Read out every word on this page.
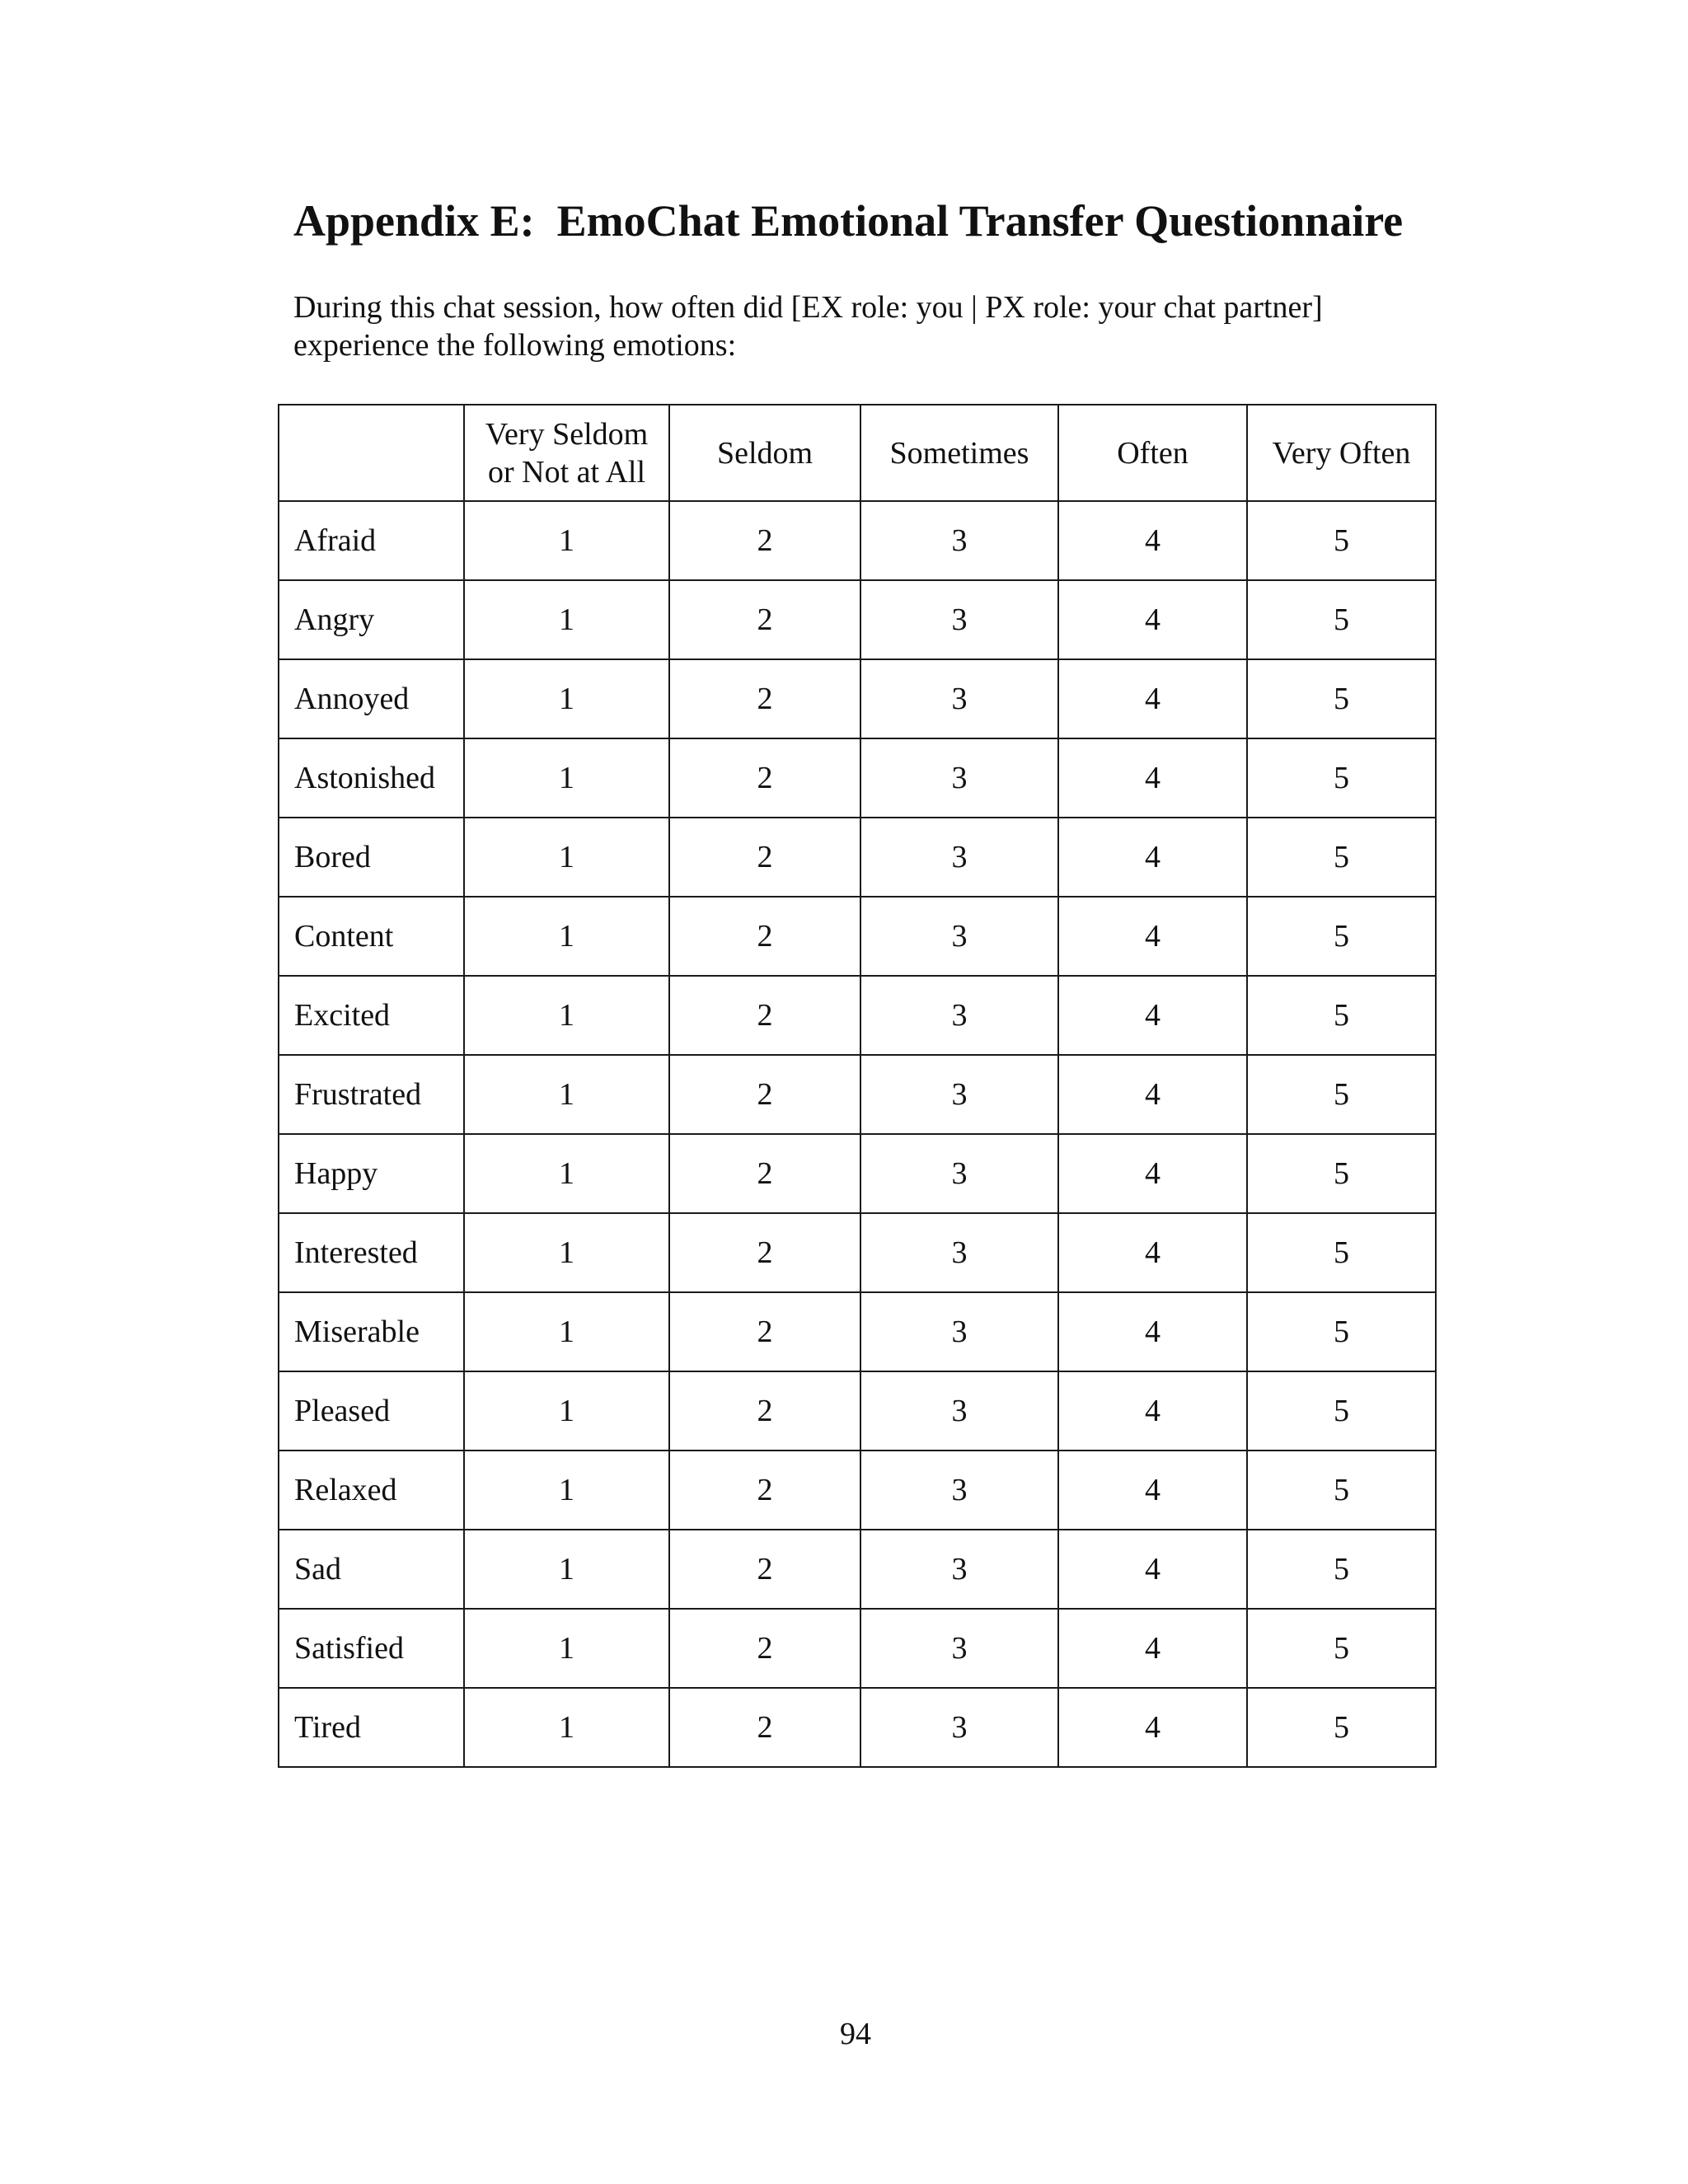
Appendix E:  EmoChat Emotional Transfer Questionnaire

During this chat session, how often did [EX role: you | PX role: your chat partner]
experience the following emotions:

	Very Seldom
or Not at All	Seldom	Sometimes	Often	Very Often
Afraid	1	2	3	4	5
Angry	1	2	3	4	5
Annoyed	1	2	3	4	5
Astonished	1	2	3	4	5
Bored	1	2	3	4	5
Content	1	2	3	4	5
Excited	1	2	3	4	5
Frustrated	1	2	3	4	5
Happy	1	2	3	4	5
Interested	1	2	3	4	5
Miserable	1	2	3	4	5
Pleased	1	2	3	4	5
Relaxed	1	2	3	4	5
Sad	1	2	3	4	5
Satisfied	1	2	3	4	5
Tired	1	2	3	4	5
94
